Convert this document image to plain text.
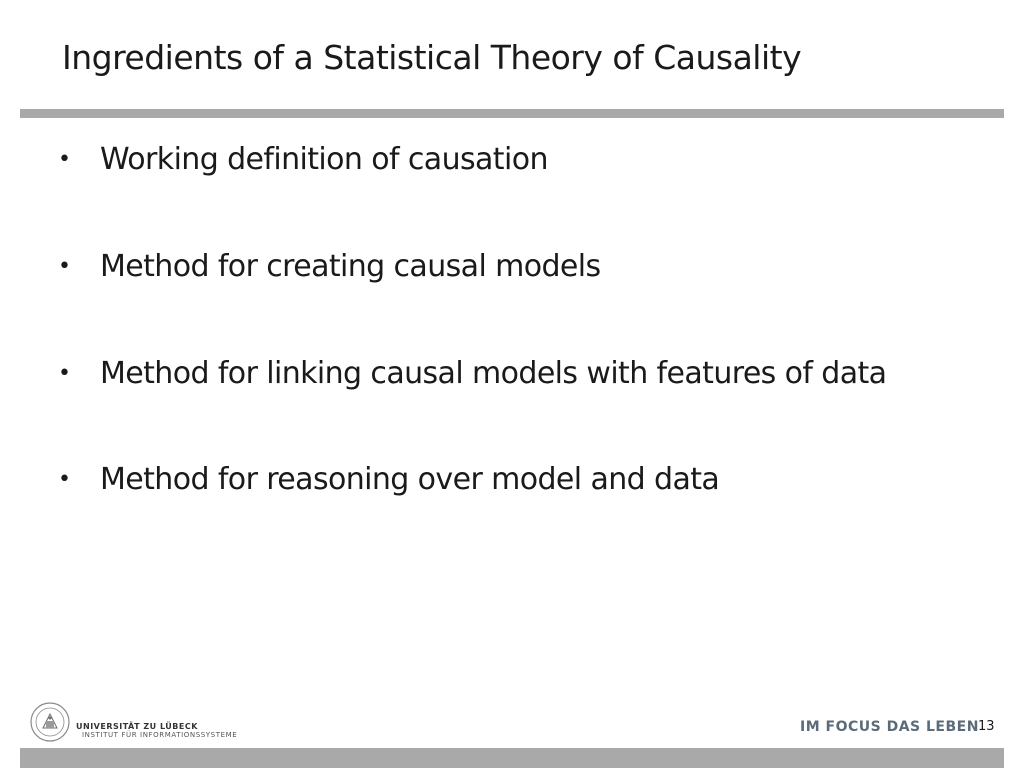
Ingredients of a Statistical Theory of Causality
• Working definition of causation
• Method for creating causal models
• Method for linking causal models with features of data
• Method for reasoning over model and data
UNIVERSITÄT ZU LÜBECK
INSTITUT FÜR INFORMATIONSSYSTEME	IM FOCUS DAS LEBEN 13
